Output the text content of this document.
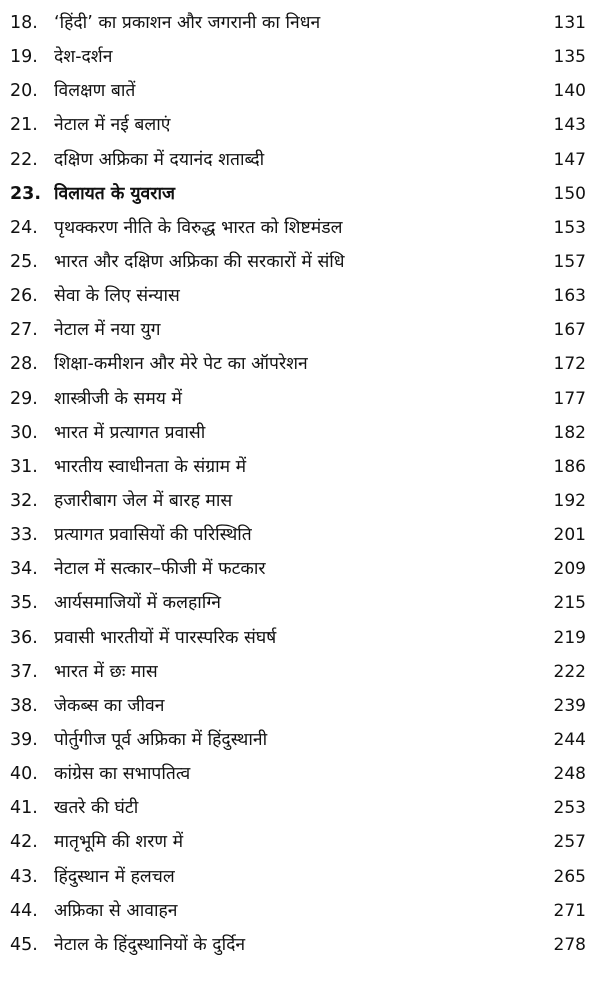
18. ‘हिंदी’ का प्रकाशन और जगरानी का निधन	131
19. देश-दर्शन	135
20. विलक्षण बातें	140
21. नेटाल में नई बलाएं	143
22. दक्षिण अफ्रिका में दयानंद शताब्दी	147
23. विलायत के युवराज	150
24. पृथक्करण नीति के विरुद्ध भारत को शिष्टमंडल	153
25. भारत और दक्षिण अफ्रिका की सरकारों में संधि	157
26. सेवा के लिए संन्यास	163
27. नेटाल में नया युग	167
28. शिक्षा-कमीशन और मेरे पेट का ऑपरेशन	172
29. शास्त्रीजी के समय में	177
30. भारत में प्रत्यागत प्रवासी	182
31. भारतीय स्वाधीनता के संग्राम में	186
32. हजारीबाग जेल में बारह मास	192
33. प्रत्यागत प्रवासियों की परिस्थिति	201
34. नेटाल में सत्कार–फीजी में फटकार	209
35. आर्यसमाजियों में कलहाग्नि	215
36. प्रवासी भारतीयों में पारस्परिक संघर्ष	219
37. भारत में छः मास	222
38. जेकब्स का जीवन	239
39. पोर्तुगीज पूर्व अफ्रिका में हिंदुस्थानी	244
40. कांग्रेस का सभापतित्व	248
41. खतरे की घंटी	253
42. मातृभूमि की शरण में	257
43. हिंदुस्थान में हलचल	265
44. अफ्रिका से आवाहन	271
45. नेटाल के हिंदुस्थानियों के दुर्दिन	278
